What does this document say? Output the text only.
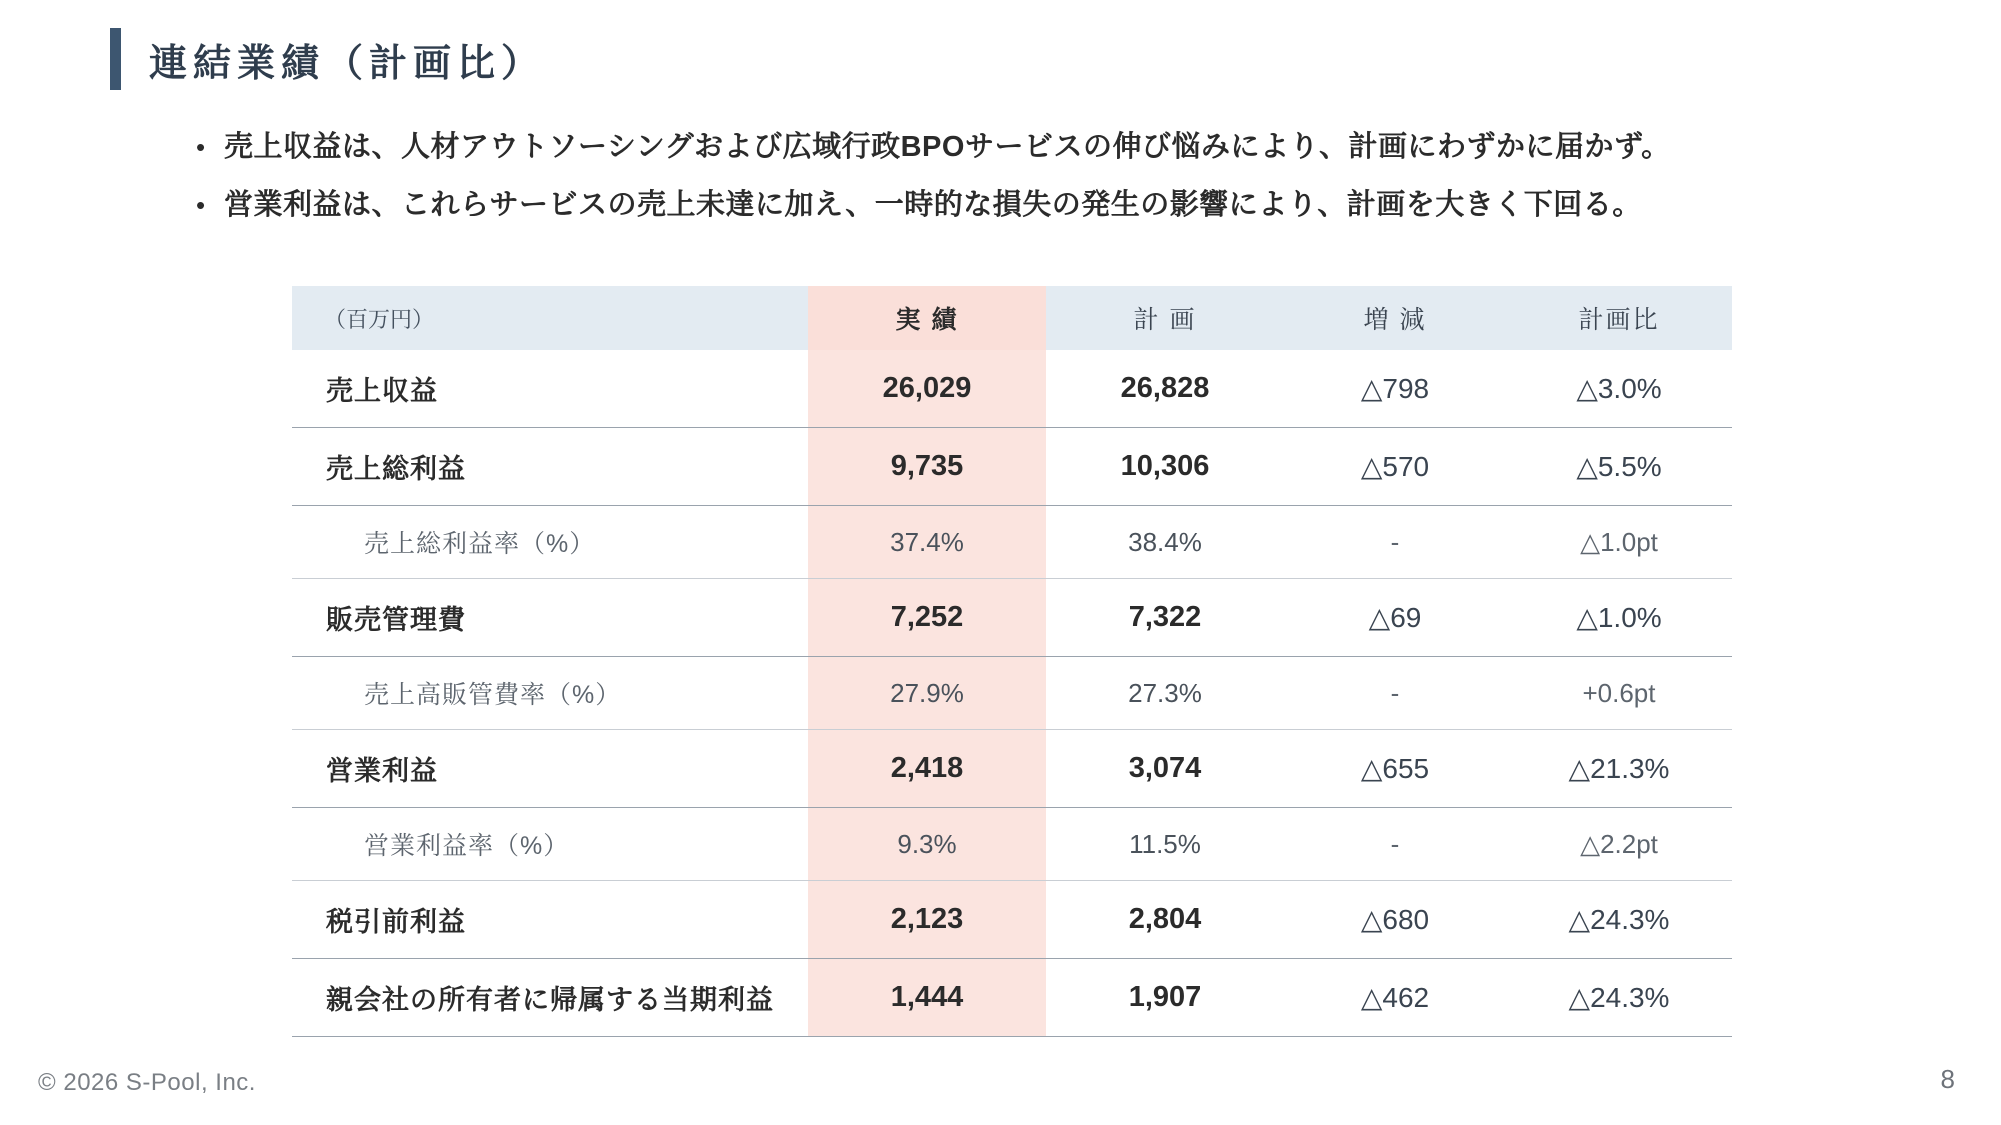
連結業績（計画比）
• 売上収益は、人材アウトソーシングおよび広域行政BPOサービスの伸び悩みにより、計画にわずかに届かず。
• 営業利益は、これらサービスの売上未達に加え、一時的な損失の発生の影響により、計画を大きく下回る。
（百万円）	実 績	計 画	増 減	計画比
売上収益	26,029	26,828	△798	△3.0%
売上総利益	9,735	10,306	△570	△5.5%
売上総利益率（%）	37.4%	38.4%	-	△1.0pt
販売管理費	7,252	7,322	△69	△1.0%
売上高販管費率（%）	27.9%	27.3%	-	+0.6pt
営業利益	2,418	3,074	△655	△21.3%
営業利益率（%）	9.3%	11.5%	-	△2.2pt
税引前利益	2,123	2,804	△680	△24.3%
親会社の所有者に帰属する当期利益	1,444	1,907	△462	△24.3%
© 2026 S-Pool, Inc.	8
